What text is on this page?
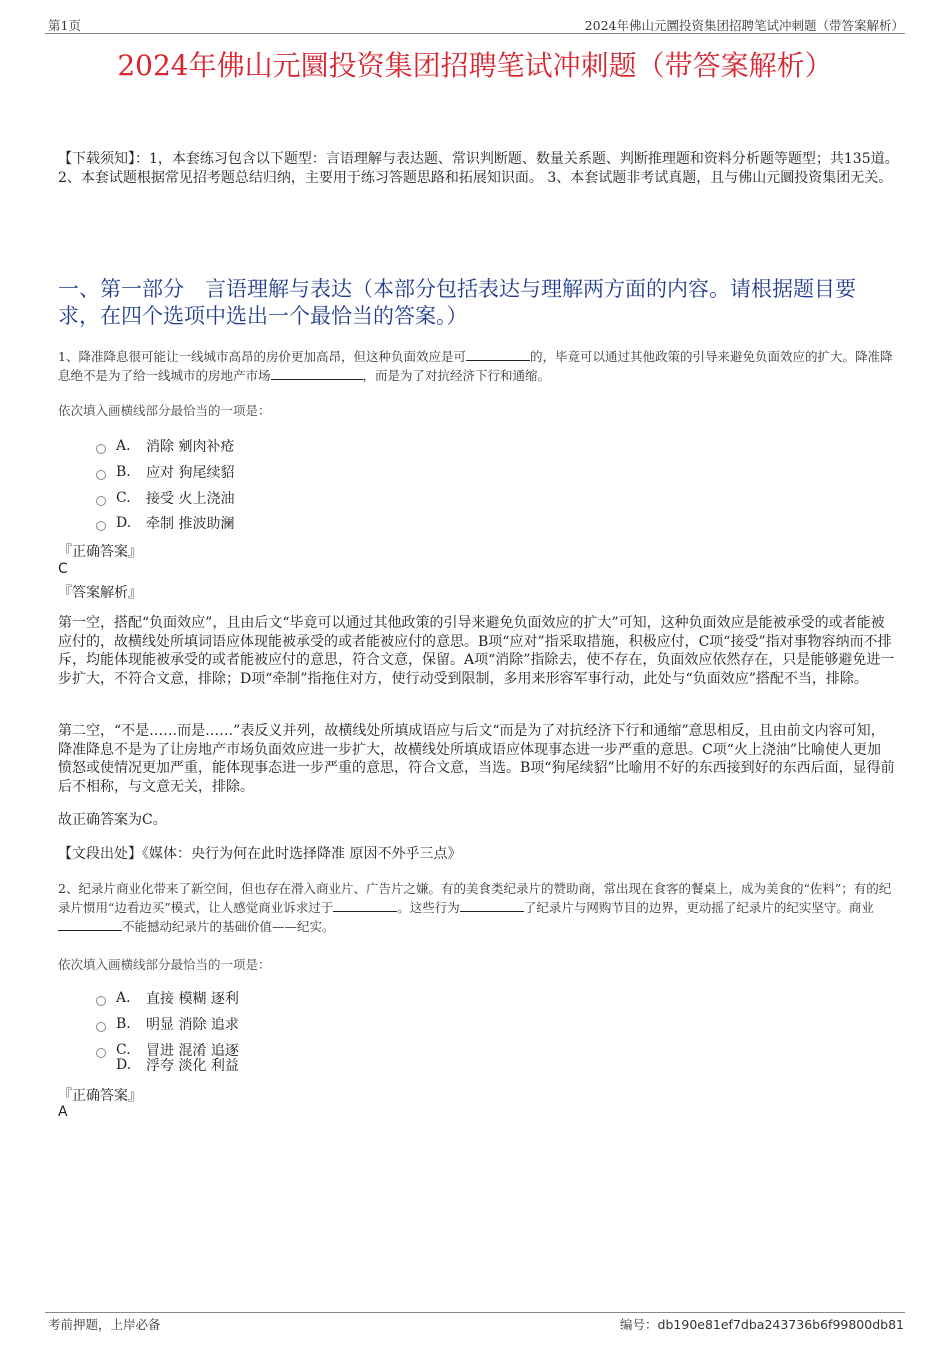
第1页	2024年佛山元圜投资集团招聘笔试冲刺题（带答案解析）
2024年佛山元圜投资集团招聘笔试冲刺题（带答案解析）
【下载须知】：1，本套练习包含以下题型：言语理解与表达题、常识判断题、数量关系题、判断推理题和资料分析题等题型；共135道。 2、本套试题根据常见招考题总结归纳，主要用于练习答题思路和拓展知识面。 3、本套试题非考试真题，且与佛山元圜投资集团无关。
一、第一部分　言语理解与表达（本部分包括表达与理解两方面的内容。请根据题目要求，在四个选项中选出一个最恰当的答案。）
1、降准降息很可能让一线城市高昂的房价更加高昂，但这种负面效应是可	的，毕竟可以通过其他政策的引导来避免负面效应的扩大。降准降息绝不是为了给一线城市的房地产市场	，而是为了对抗经济下行和通缩。
依次填入画横线部分最恰当的一项是：
A.	消除 剜肉补疮
B.	应对 狗尾续貂
C.	接受 火上浇油
D.	牵制 推波助澜
『正确答案』
C
『答案解析』
第一空，搭配“负面效应”，且由后文“毕竟可以通过其他政策的引导来避免负面效应的扩大”可知，这种负面效应是能被承受的或者能被应付的，故横线处所填词语应体现能被承受的或者能被应付的意思。B项“应对”指采取措施，积极应付，C项“接受”指对事物容纳而不排斥，均能体现能被承受的或者能被应付的意思，符合文意，保留。A项“消除”指除去，使不存在，负面效应依然存在，只是能够避免进一步扩大，不符合文意，排除；D项“牵制”指拖住对方，使行动受到限制，多用来形容军事行动，此处与“负面效应”搭配不当，排除。
第二空，“不是……而是……”表反义并列，故横线处所填成语应与后文“而是为了对抗经济下行和通缩”意思相反，且由前文内容可知，降准降息不是为了让房地产市场负面效应进一步扩大，故横线处所填成语应体现事态进一步严重的意思。C项“火上浇油”比喻使人更加愤怒或使情况更加严重，能体现事态进一步严重的意思，符合文意，当选。B项“狗尾续貂”比喻用不好的东西接到好的东西后面，显得前后不相称，与文意无关，排除。
故正确答案为C。
【文段出处】《媒体：央行为何在此时选择降准 原因不外乎三点》
2、纪录片商业化带来了新空间，但也存在滑入商业片、广告片之嫌。有的美食类纪录片的赞助商，常出现在食客的餐桌上，成为美食的“佐料”；有的纪录片惯用“边看边买”模式，让人感觉商业诉求过于	。这些行为	了纪录片与网购节目的边界，更动摇了纪录片的纪实坚守。商业不能撼动纪录片的基础价值——纪实。
依次填入画横线部分最恰当的一项是：
A.	直接 模糊 逐利
B.	明显 消除 追求
C.	冒进 混淆 追逐
D.	浮夸 淡化 利益
『正确答案』
A
考前押题，上岸必备	编号：db190e81ef7dba243736b6f99800db81
